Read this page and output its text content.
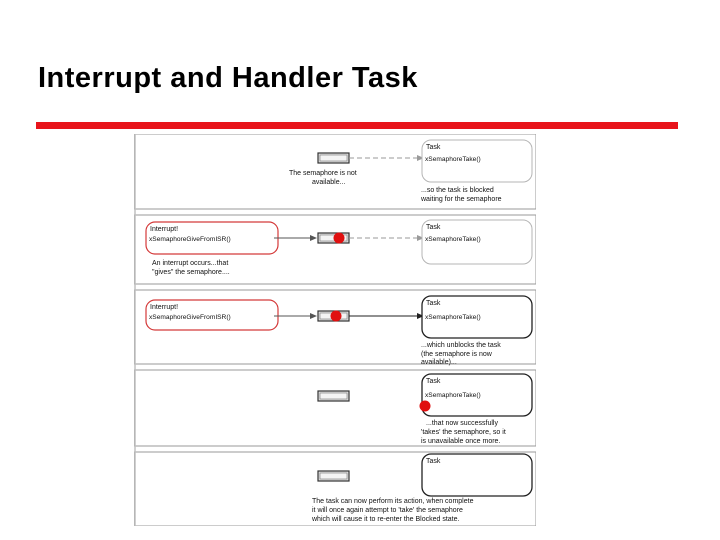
Interrupt and Handler Task
Task
xSemaphoreTake()
The semaphore is not
available...
...so the task is blocked
waiting for the semaphore
Interrupt!
xSemaphoreGiveFromISR()
Task
xSemaphoreTake()
An interrupt occurs...that
"gives" the semaphore....
Interrupt!
xSemaphoreGiveFromISR()
Task
xSemaphoreTake()
...which unblocks the task
(the semaphore is now
available)...
Task
xSemaphoreTake()
...that now successfully
'takes' the semaphore, so it
is unavailable once more.
Task
The task can now perform its action, when complete
it will once again attempt to 'take' the semaphore
which will cause it to re-enter the Blocked state.
